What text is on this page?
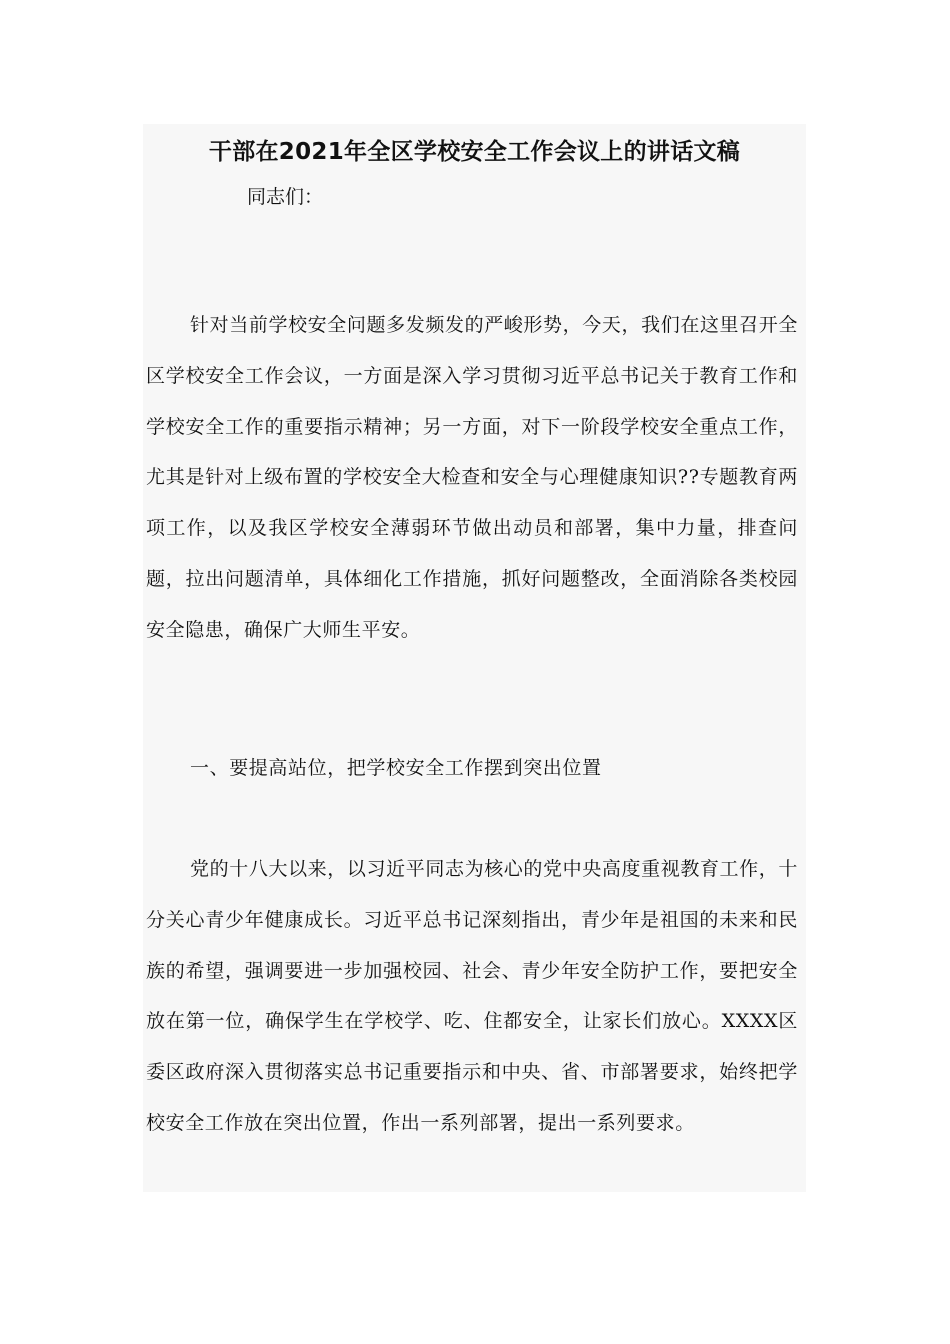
干部在2021年全区学校安全工作会议上的讲话文稿

同志们：

针对当前学校安全问题多发频发的严峻形势，今天，我们在这里召开全区学校安全工作会议，一方面是深入学习贯彻习近平总书记关于教育工作和学校安全工作的重要指示精神；另一方面，对下一阶段学校安全重点工作，尤其是针对上级布置的学校安全大检查和安全与心理健康知识??专题教育两项工作，以及我区学校安全薄弱环节做出动员和部署，集中力量，排查问题，拉出问题清单，具体细化工作措施，抓好问题整改，全面消除各类校园安全隐患，确保广大师生平安。

一、要提高站位，把学校安全工作摆到突出位置

党的十八大以来，以习近平同志为核心的党中央高度重视教育工作，十分关心青少年健康成长。习近平总书记深刻指出，青少年是祖国的未来和民族的希望，强调要进一步加强校园、社会、青少年安全防护工作，要把安全放在第一位，确保学生在学校学、吃、住都安全，让家长们放心。XXXX区委区政府深入贯彻落实总书记重要指示和中央、省、市部署要求，始终把学校安全工作放在突出位置，作出一系列部署，提出一系列要求。
